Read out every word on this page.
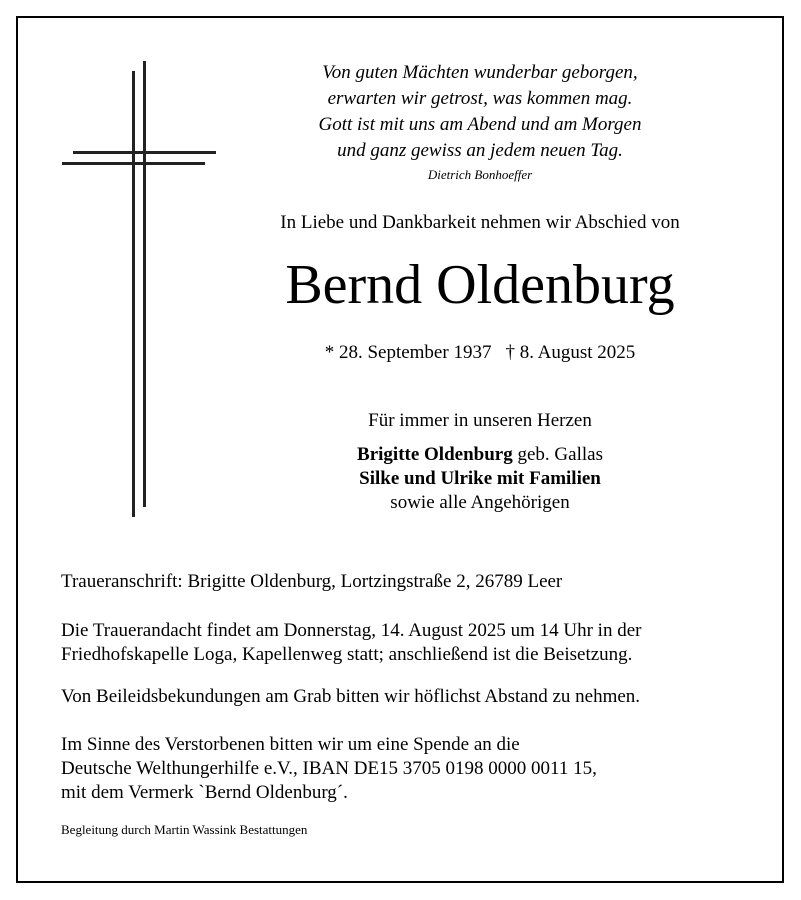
Von guten Mächten wunderbar geborgen,
erwarten wir getrost, was kommen mag.
Gott ist mit uns am Abend und am Morgen
und ganz gewiss an jedem neuen Tag.
Dietrich Bonhoeffer
In Liebe und Dankbarkeit nehmen wir Abschied von
Bernd Oldenburg
* 28. September 1937 † 8. August 2025
Für immer in unseren Herzen
Brigitte Oldenburg geb. Gallas
Silke und Ulrike mit Familien
sowie alle Angehörigen
Traueranschrift: Brigitte Oldenburg, Lortzingstraße 2, 26789 Leer
Die Trauerandacht findet am Donnerstag, 14. August 2025 um 14 Uhr in der
Friedhofskapelle Loga, Kapellenweg statt; anschließend ist die Beisetzung.
Von Beileidsbekundungen am Grab bitten wir höflichst Abstand zu nehmen.
Im Sinne des Verstorbenen bitten wir um eine Spende an die
Deutsche Welthungerhilfe e.V., IBAN DE15 3705 0198 0000 0011 15,
mit dem Vermerk `Bernd Oldenburg´.
Begleitung durch Martin Wassink Bestattungen
